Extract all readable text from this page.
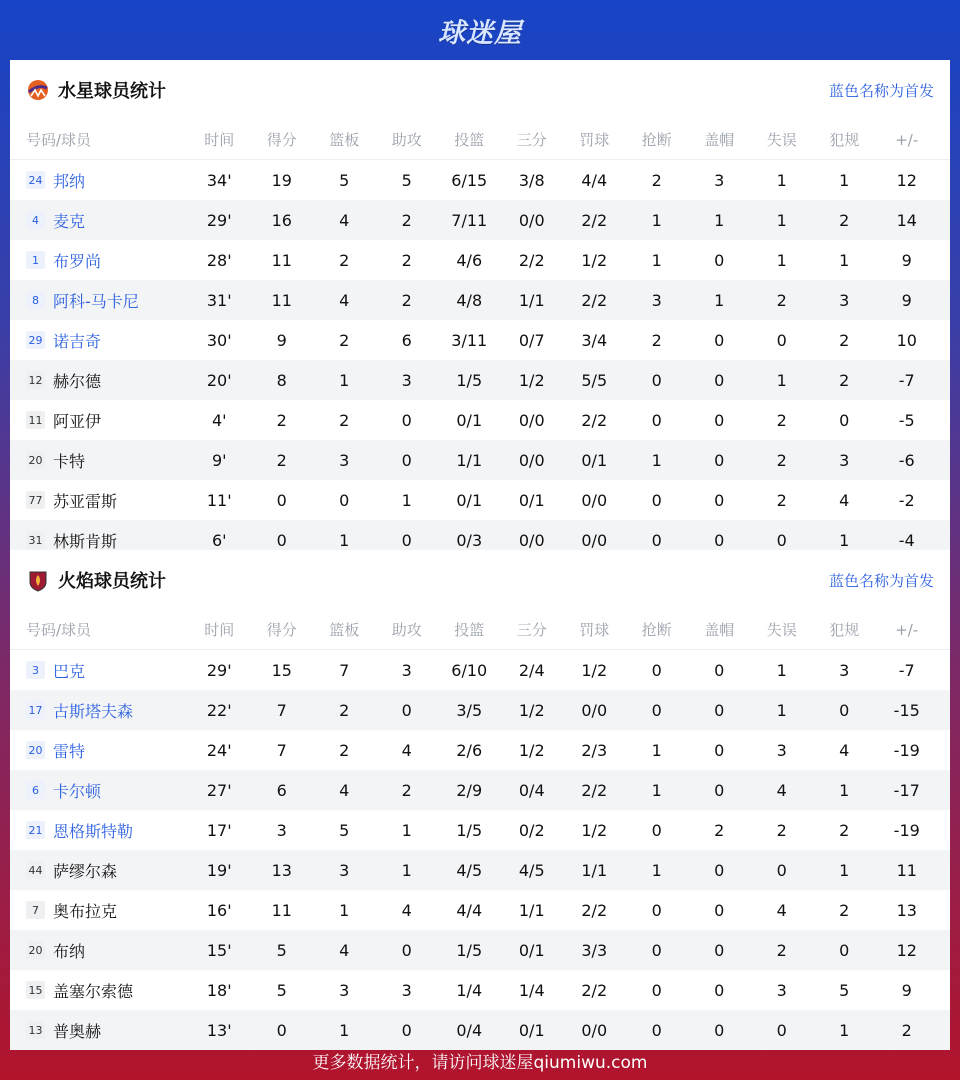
球迷屋
水星球员统计	蓝色名称为首发
号码/球员	时间	得分	篮板	助攻	投篮	三分	罚球	抢断	盖帽	失误	犯规	+/-
24 邦纳	34'	19	5	5	6/15	3/8	4/4	2	3	1	1	12
4 麦克	29'	16	4	2	7/11	0/0	2/2	1	1	1	2	14
1 布罗尚	28'	11	2	2	4/6	2/2	1/2	1	0	1	1	9
8 阿科-马卡尼	31'	11	4	2	4/8	1/1	2/2	3	1	2	3	9
29 诺吉奇	30'	9	2	6	3/11	0/7	3/4	2	0	0	2	10
12 赫尔德	20'	8	1	3	1/5	1/2	5/5	0	0	1	2	-7
11 阿亚伊	4'	2	2	0	0/1	0/0	2/2	0	0	2	0	-5
20 卡特	9'	2	3	0	1/1	0/0	0/1	1	0	2	3	-6
77 苏亚雷斯	11'	0	0	1	0/1	0/1	0/0	0	0	2	4	-2
31 林斯肯斯	6'	0	1	0	0/3	0/0	0/0	0	0	0	1	-4
火焰球员统计	蓝色名称为首发
号码/球员	时间	得分	篮板	助攻	投篮	三分	罚球	抢断	盖帽	失误	犯规	+/-
3 巴克	29'	15	7	3	6/10	2/4	1/2	0	0	1	3	-7
17 古斯塔夫森	22'	7	2	0	3/5	1/2	0/0	0	0	1	0	-15
20 雷特	24'	7	2	4	2/6	1/2	2/3	1	0	3	4	-19
6 卡尔顿	27'	6	4	2	2/9	0/4	2/2	1	0	4	1	-17
21 恩格斯特勒	17'	3	5	1	1/5	0/2	1/2	0	2	2	2	-19
44 萨缪尔森	19'	13	3	1	4/5	4/5	1/1	1	0	0	1	11
7 奥布拉克	16'	11	1	4	4/4	1/1	2/2	0	0	4	2	13
20 布纳	15'	5	4	0	1/5	0/1	3/3	0	0	2	0	12
15 盖塞尔索德	18'	5	3	3	1/4	1/4	2/2	0	0	3	5	9
13 普奥赫	13'	0	1	0	0/4	0/1	0/0	0	0	0	1	2
更多数据统计，请访问球迷屋qiumiwu.com
